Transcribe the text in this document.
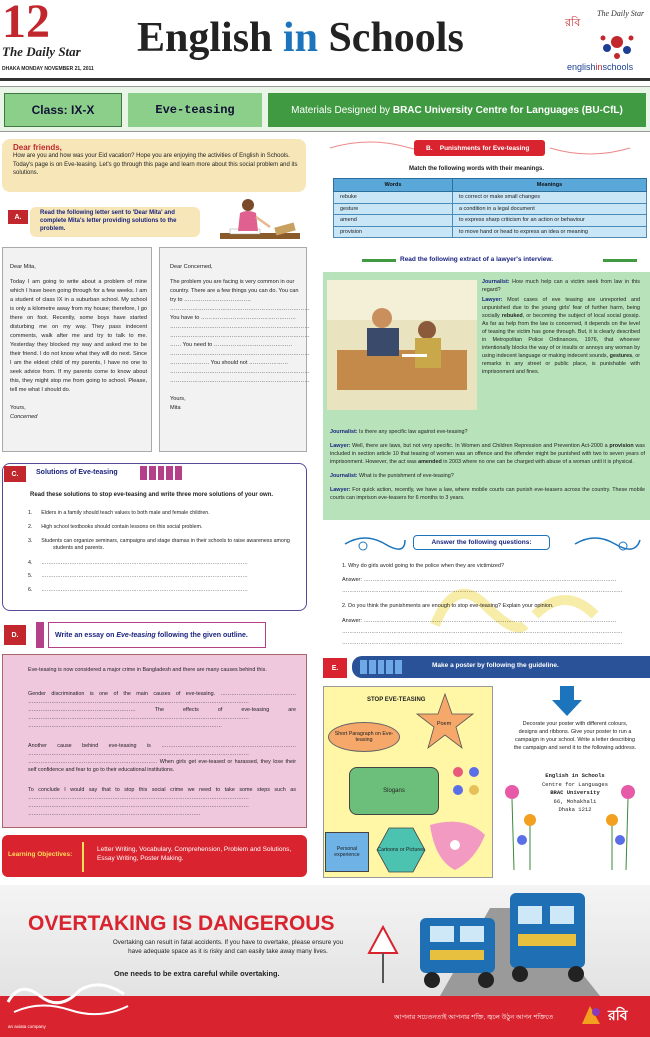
12
The Daily Star
DHAKA MONDAY NOVEMBER 21, 2011
English in Schools	রবি
The Daily Star
englishinschools
Class: IX-X	Eve-teasing	Materials Designed by
BRAC University Centre for Languages (BU-CfL)
Dear friends,
How are you and how was your Eid vacation? Hope you are enjoying the activities of English in Schools. Today's page is on Eve-teasing. Let's go through this page and learn more about this social problem and its solutions.
A.
Read the following letter sent to 'Dear Mita' and complete Mita's letter providing solutions to the problem.
Dear Mita,
Today I am going to write about a problem of mine which I have been going through for a few weeks. I am a student of class IX in a suburban school. My school is only a kilometre away from my house; therefore, I go there on foot. Recently, some boys have started disturbing me on my way. They pass indecent comments, walk after me and try to talk to me. Yesterday they blocked my way and asked me to be their friend. I do not know what they will do next. Since I am the eldest child of my parents, I have no one to seek advice from. If my parents come to know about this, they might stop me from going to school. Please, tell me what I should do.
Yours,
Concerned
Dear Concerned,
The problem you are facing is very common in our country. There are a few things you can do. You can try to ………………………………
…………………………………………………………………
You have to ……………………………………………
…………………………………………………………………
…………………………………………………………………
…… You need to ……………………………………
…………………………………………………………………
………………… You should not …………………
…………………………………………………………………
…………………………………………………………………
Yours,
Mita
C.	Solutions of Eve-teasing
Read these solutions to stop eve-teasing and write three more solutions of your own.
1. Elders in a family should teach values to both male and female children.
2. High school textbooks should contain lessons on this social problem.
3. Students can organize seminars, campaigns and stage dramas in their schools to raise awareness among students and parents.
4. ………………………………………………………………………………………………………
5. ………………………………………………………………………………………………………
6. ………………………………………………………………………………………………………
D.	Write an essay on
Eve-teasing
following the given outline.
Eve-teasing is now considered a major crime in Bangladesh and there are many causes behind this.
Gender discrimination is one of the main causes of eve-teasing. …………………………………… …………………………………………………………………………………………………………… …………………………………………………… The effects of eve-teasing are …………………………………………………………………………………………………………… ………………………………………………………………………………………………
Another cause behind eve-teasing is ………………………………………………………………… …………………………………………………………………………………………………………… ……………………………………………………………… When girls get eve-teased or harassed, they lose their self confidence and fear to go to their educational institutions.
To conclude I would say that to stop this social crime we need to take some steps such as …………………………………………………………………………………………………………… …………………………………………………………………………………………………………… ……………………………………………………………………………………
Learning Objectives:
Letter Writing, Vocabulary, Comprehension, Problem and Solutions, Essay Writing, Poster Making.
B.
Punishments for Eve-teasing
Match the following words with their meanings.
Words	Meanings
rebuke	to correct or make small changes
gesture	a condition in a legal document
amend	to express sharp criticism for an action or behaviour
provision	to move hand or head to express an idea or meaning
Read the following extract of a lawyer's interview.
Journalist: How much help can a victim seek from law in this regard?
Lawyer: Most cases of eve teasing are unreported and unpunished due to the young girls' fear of further harm, being socially rebuked, or becoming the subject of local social gossip. As far as help from the law is concerned, it depends on the level of teasing the victim has gone through. But, it is clearly described in Metropolitan Police Ordinances, 1976, that whoever intentionally blocks the way of or insults or annoys any woman by using indecent language or making indecent sounds, gestures, or remarks in any street or public place, is punishable with imprisonment and fines.
Journalist: Is there any specific law against eve-teasing?
Lawyer: Well, there are laws, but not very specific. In Women and Children Repression and Prevention Act-2000 a provision was included in section article 10 that teasing of women was an offence and the offender might be punished with two to seven years of imprisonment. However, the act was amended in 2003 where no one can be charged with abuse of a woman until it is physical.
Journalist: What is the punishment of eve-teasing?
Lawyer: For quick action, recently, we have a law, where mobile courts can punish eve-teasers across the country. These mobile courts can imprison eve-teasers for 6 months to 3 years.
Answer the following questions:
1. Why do girls avoid going to the police when they are victimized?
Answer: …………………………………………………………………………………………………………………………
………………………………………………………………………………………………………………………………………
2. Do you think the punishments are enough to stop eve-teasing? Explain your opinion.
Answer: …………………………………………………………………………………………………………………………
………………………………………………………………………………………………………………………………………
………………………………………………………………………………………………………………………………………
E.	Make a poster by following the guideline.
STOP EVE-TEASING
Short Paragraph on Eve-teasing
Poem
Slogans
Personal experience
Cartoons or Pictures
Decorate your poster with different colours, designs and ribbons. Give your poster to run a campaign in your school. Write a letter describing the campaign and send it to the following address.
English in Schools
Centre for Languages
BRAC University
66, Mohakhali
Dhaka 1212
OVERTAKING IS DANGEROUS
Overtaking can result in fatal accidents. If you have to overtake, please ensure you have adequate space as it is risky and can easily take away many lives.
One needs to be extra careful while overtaking.
an axiata company
আপনার সচেতনতাই আপনার শক্তি, জ্বলে উঠুন আপন শক্তিতে	রবি
